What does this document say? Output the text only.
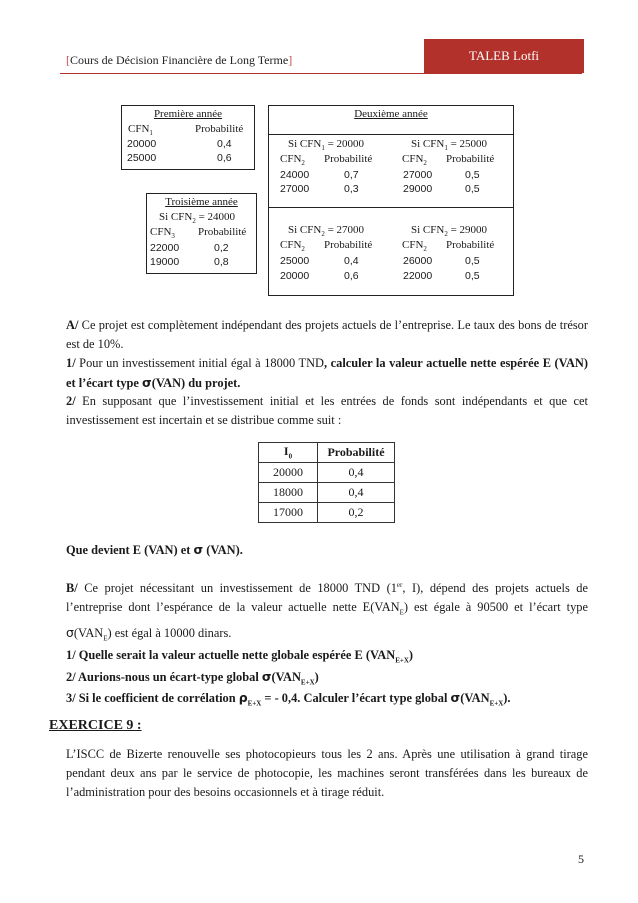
[Cours de Décision Financière de Long Terme]	TALEB Lotfi
Première année
$CFN_1$	Probabilité
20000	0,4
25000	0,6
Troisième année
Si $CFN_2 = 24000$
$CFN_3$ Probabilité
22000	0,2
19000	0,8
Deuxième année
Si $CFN_1 = 20000$	Si $CFN_1 = 25000$
$CFN_2$ Probabilité	$CFN_2$ Probabilité
24000	0,7	27000	0,5
27000	0,3	29000	0,5
Si $CFN_2 = 27000$	Si $CFN_2 = 29000$
$CFN_2$ Probabilité	$CFN_2$ Probabilité
25000	0,4	26000	0,5
20000	0,6	22000	0,5
A/ Ce projet est complètement indépendant des projets actuels de l’entreprise. Le taux des bons de trésor est de 10%.
1/ Pour un investissement initial égal à 18000 TND, calculer la valeur actuelle nette espérée E (VAN) et l’écart type σ(VAN) du projet.
2/ En supposant que l’investissement initial et les entrées de fonds sont indépendants et que cet investissement est incertain et se distribue comme suit :
$I_0$	Probabilité
20000	0,4
18000	0,4
17000	0,2
Que devient E (VAN) et σ (VAN).
B/ Ce projet nécessitant un investissement de 18000 TND (1er, I), dépend des projets actuels de l’entreprise dont l’espérance de la valeur actuelle nette $E(VAN_E)$ est égale à 90500 et l’écart type $\sigma(VAN_E)$ est égal à 10000 dinars.
1/ Quelle serait la valeur actuelle nette globale espérée E $(VAN_{E+X})$
2/ Aurions-nous un écart-type global $\sigma(VAN_{E+X})$
3/ Si le coefficient de corrélation $\rho_{E+X}$ = - 0,4. Calculer l’écart type global $\sigma(VAN_{E+X})$.
EXERCICE 9 :
L’ISCC de Bizerte renouvelle ses photocopieurs tous les 2 ans. Après une utilisation à grand tirage pendant deux ans par le service de photocopie, les machines seront transférées dans les bureaux de l’administration pour des besoins occasionnels et à tirage réduit.
5
